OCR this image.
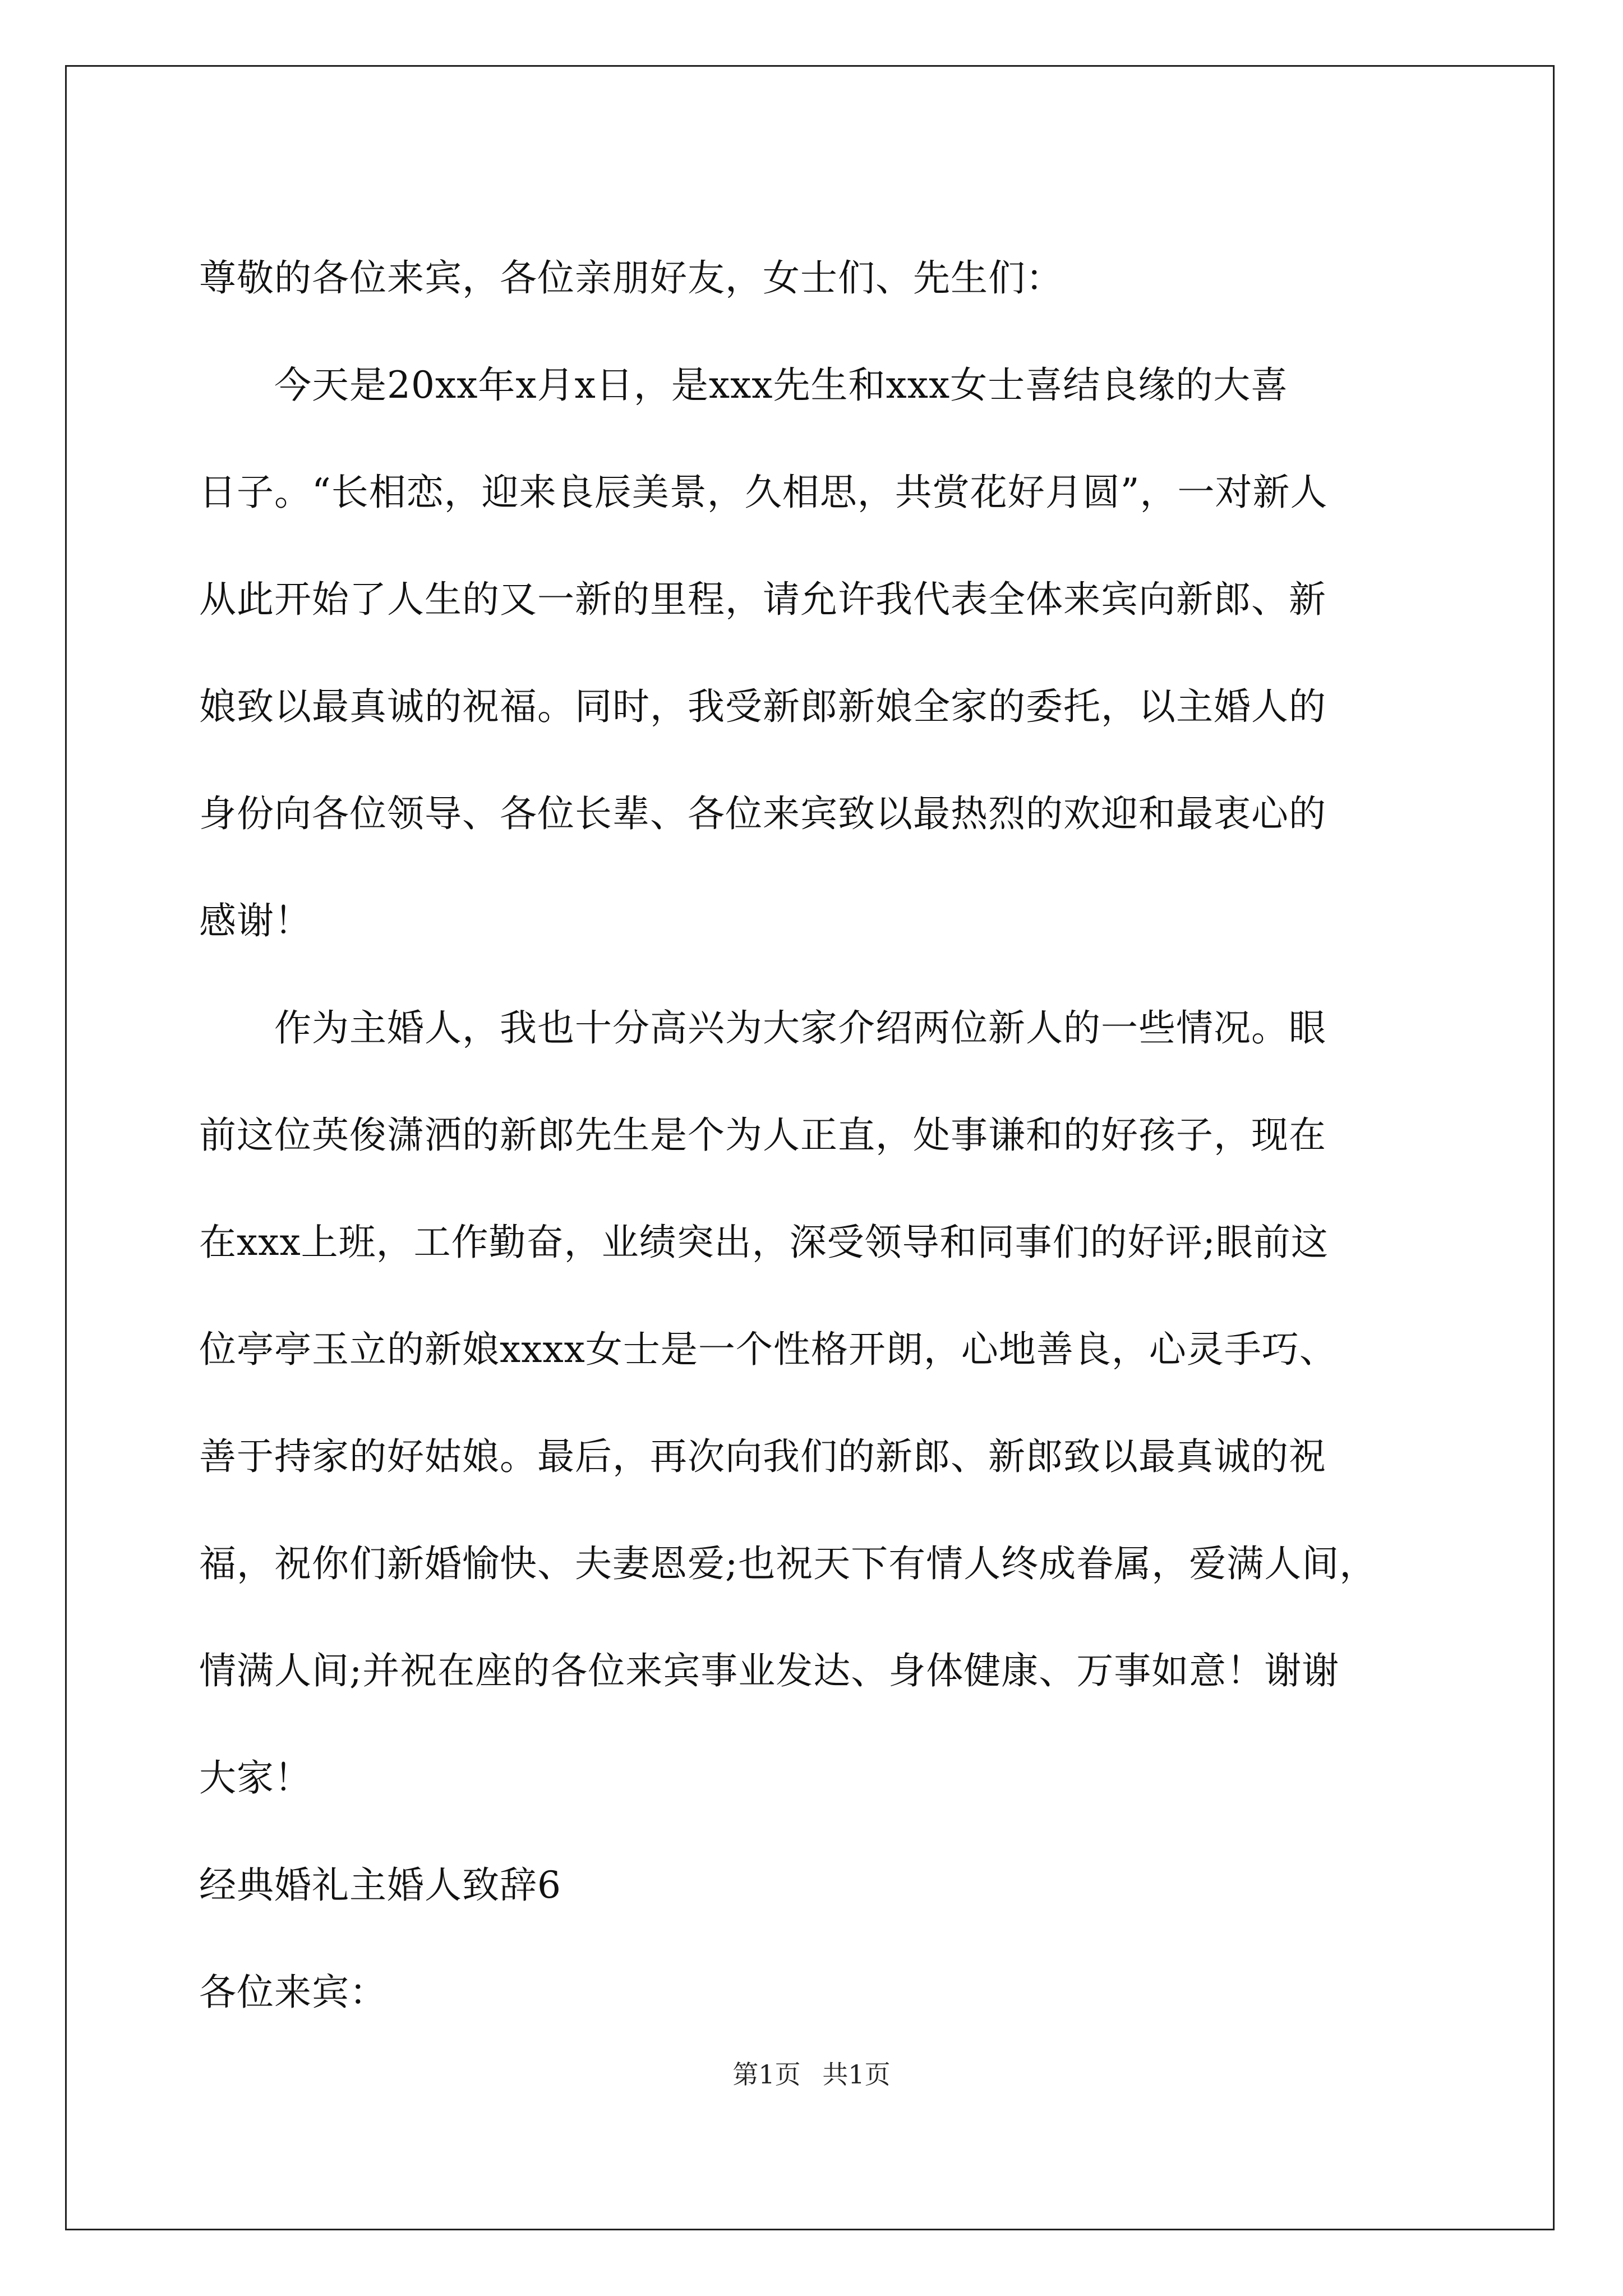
尊敬的各位来宾，各位亲朋好友，女士们、先生们：
　　今天是20xx年x月x日，是xxx先生和xxx女士喜结良缘的大喜
日子。“长相恋，迎来良辰美景，久相思，共赏花好月圆”，一对新人
从此开始了人生的又一新的里程，请允许我代表全体来宾向新郎、新
娘致以最真诚的祝福。同时，我受新郎新娘全家的委托，以主婚人的
身份向各位领导、各位长辈、各位来宾致以最热烈的欢迎和最衷心的
感谢！
　　作为主婚人，我也十分高兴为大家介绍两位新人的一些情况。眼
前这位英俊潇洒的新郎先生是个为人正直，处事谦和的好孩子，现在
在xxx上班，工作勤奋，业绩突出，深受领导和同事们的好评;眼前这
位亭亭玉立的新娘xxxx女士是一个性格开朗，心地善良，心灵手巧、
善于持家的好姑娘。最后，再次向我们的新郎、新郎致以最真诚的祝
福，祝你们新婚愉快、夫妻恩爱;也祝天下有情人终成眷属，爱满人间，
情满人间;并祝在座的各位来宾事业发达、身体健康、万事如意！谢谢
大家！
经典婚礼主婚人致辞6
各位来宾：
第1页 共1页
